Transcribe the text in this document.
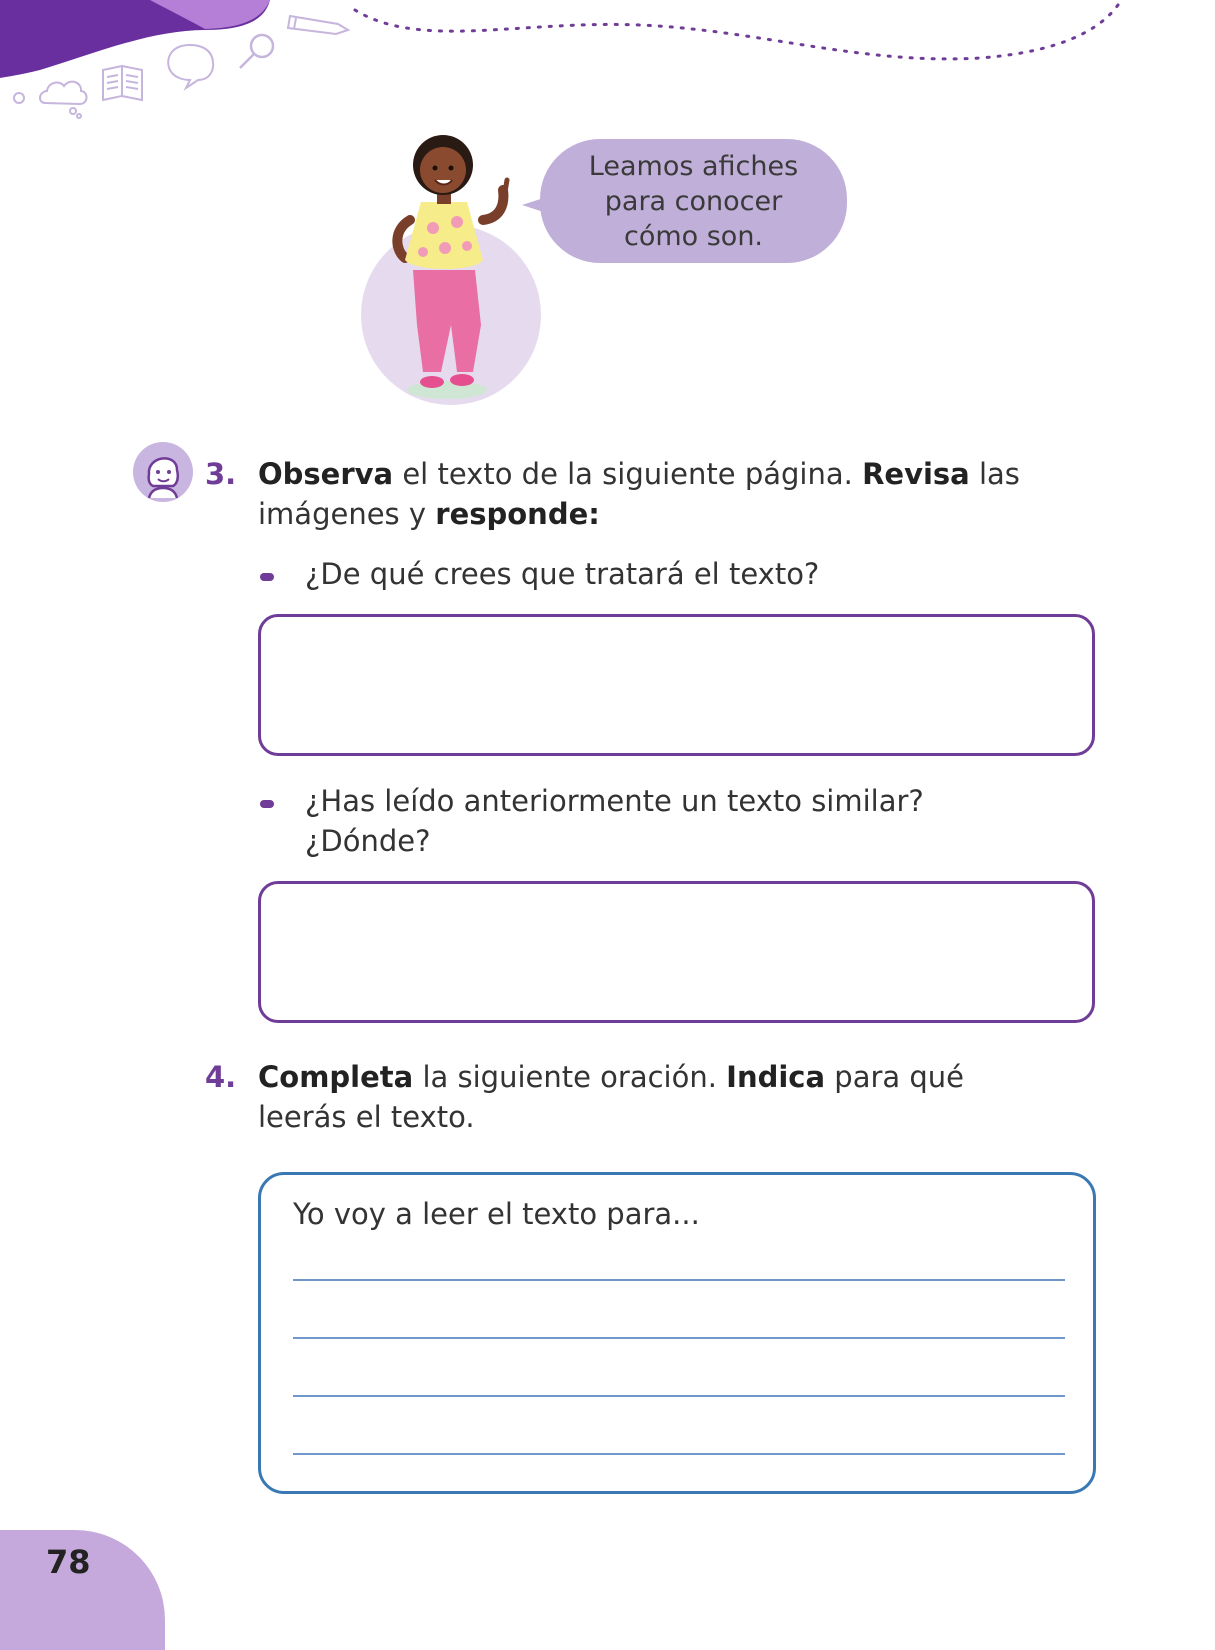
Leamos afiches
para conocer
cómo son.
3. Observa el texto de la siguiente página. Revisa las imágenes y responde:
¿De qué crees que tratará el texto?
¿Has leído anteriormente un texto similar?
¿Dónde?
4. Completa la siguiente oración. Indica para qué leerás el texto.
Yo voy a leer el texto para...
78
